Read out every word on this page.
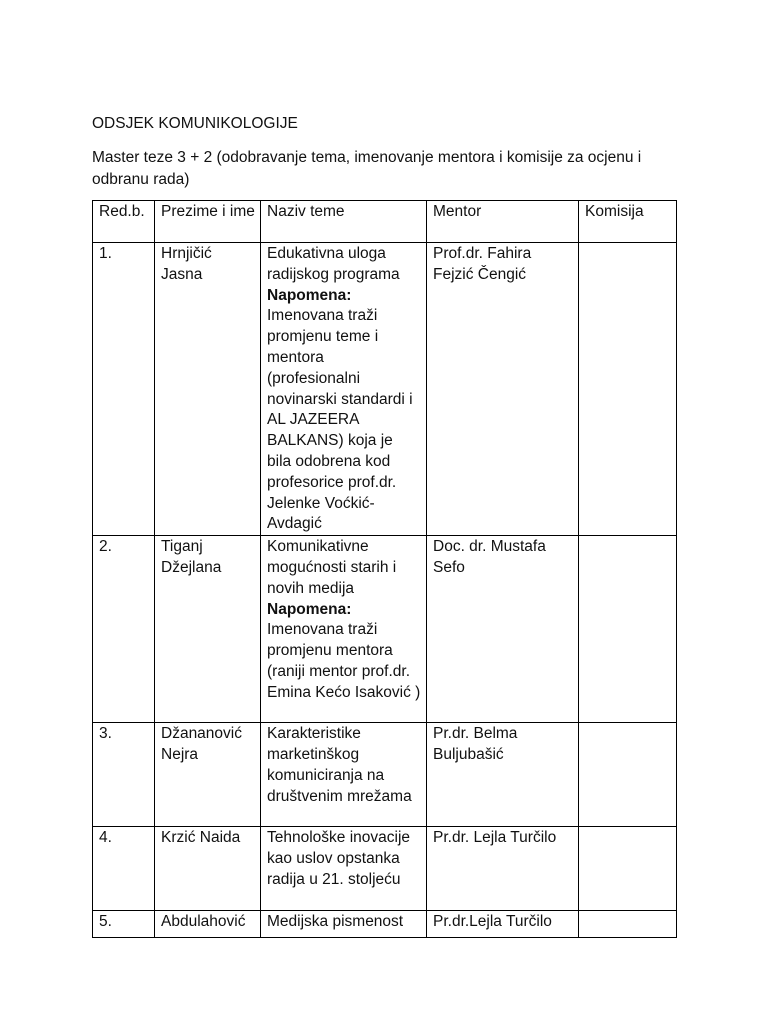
ODSJEK KOMUNIKOLOGIJE

Master teze 3 + 2 (odobravanje tema, imenovanje mentora i komisije za ocjenu i odbranu rada)

Red.b.	Prezime i ime	Naziv teme	Mentor	Komisija
1.	Hrnjičić Jasna	Edukativna uloga radijskog programa
Napomena:
Imenovana traži promjenu teme i mentora (profesionalni novinarski standardi i AL JAZEERA BALKANS) koja je bila odobrena kod profesorice prof.dr. Jelenke Voćkić-Avdagić	Prof.dr. Fahira Fejzić Čengić	
2.	Tiganj Džejlana	Komunikativne mogućnosti starih i novih medija
Napomena:
Imenovana traži promjenu mentora (raniji mentor prof.dr. Emina Kećo Isaković )	Doc. dr. Mustafa Sefo	
3.	Džananović Nejra	Karakteristike marketinškog komuniciranja na društvenim mrežama	Pr.dr. Belma Buljubašić	
4.	Krzić Naida	Tehnološke inovacije kao uslov opstanka radija u 21. stoljeću	Pr.dr. Lejla Turčilo	
5.	Abdulahović	Medijska pismenost	Pr.dr.Lejla Turčilo	
